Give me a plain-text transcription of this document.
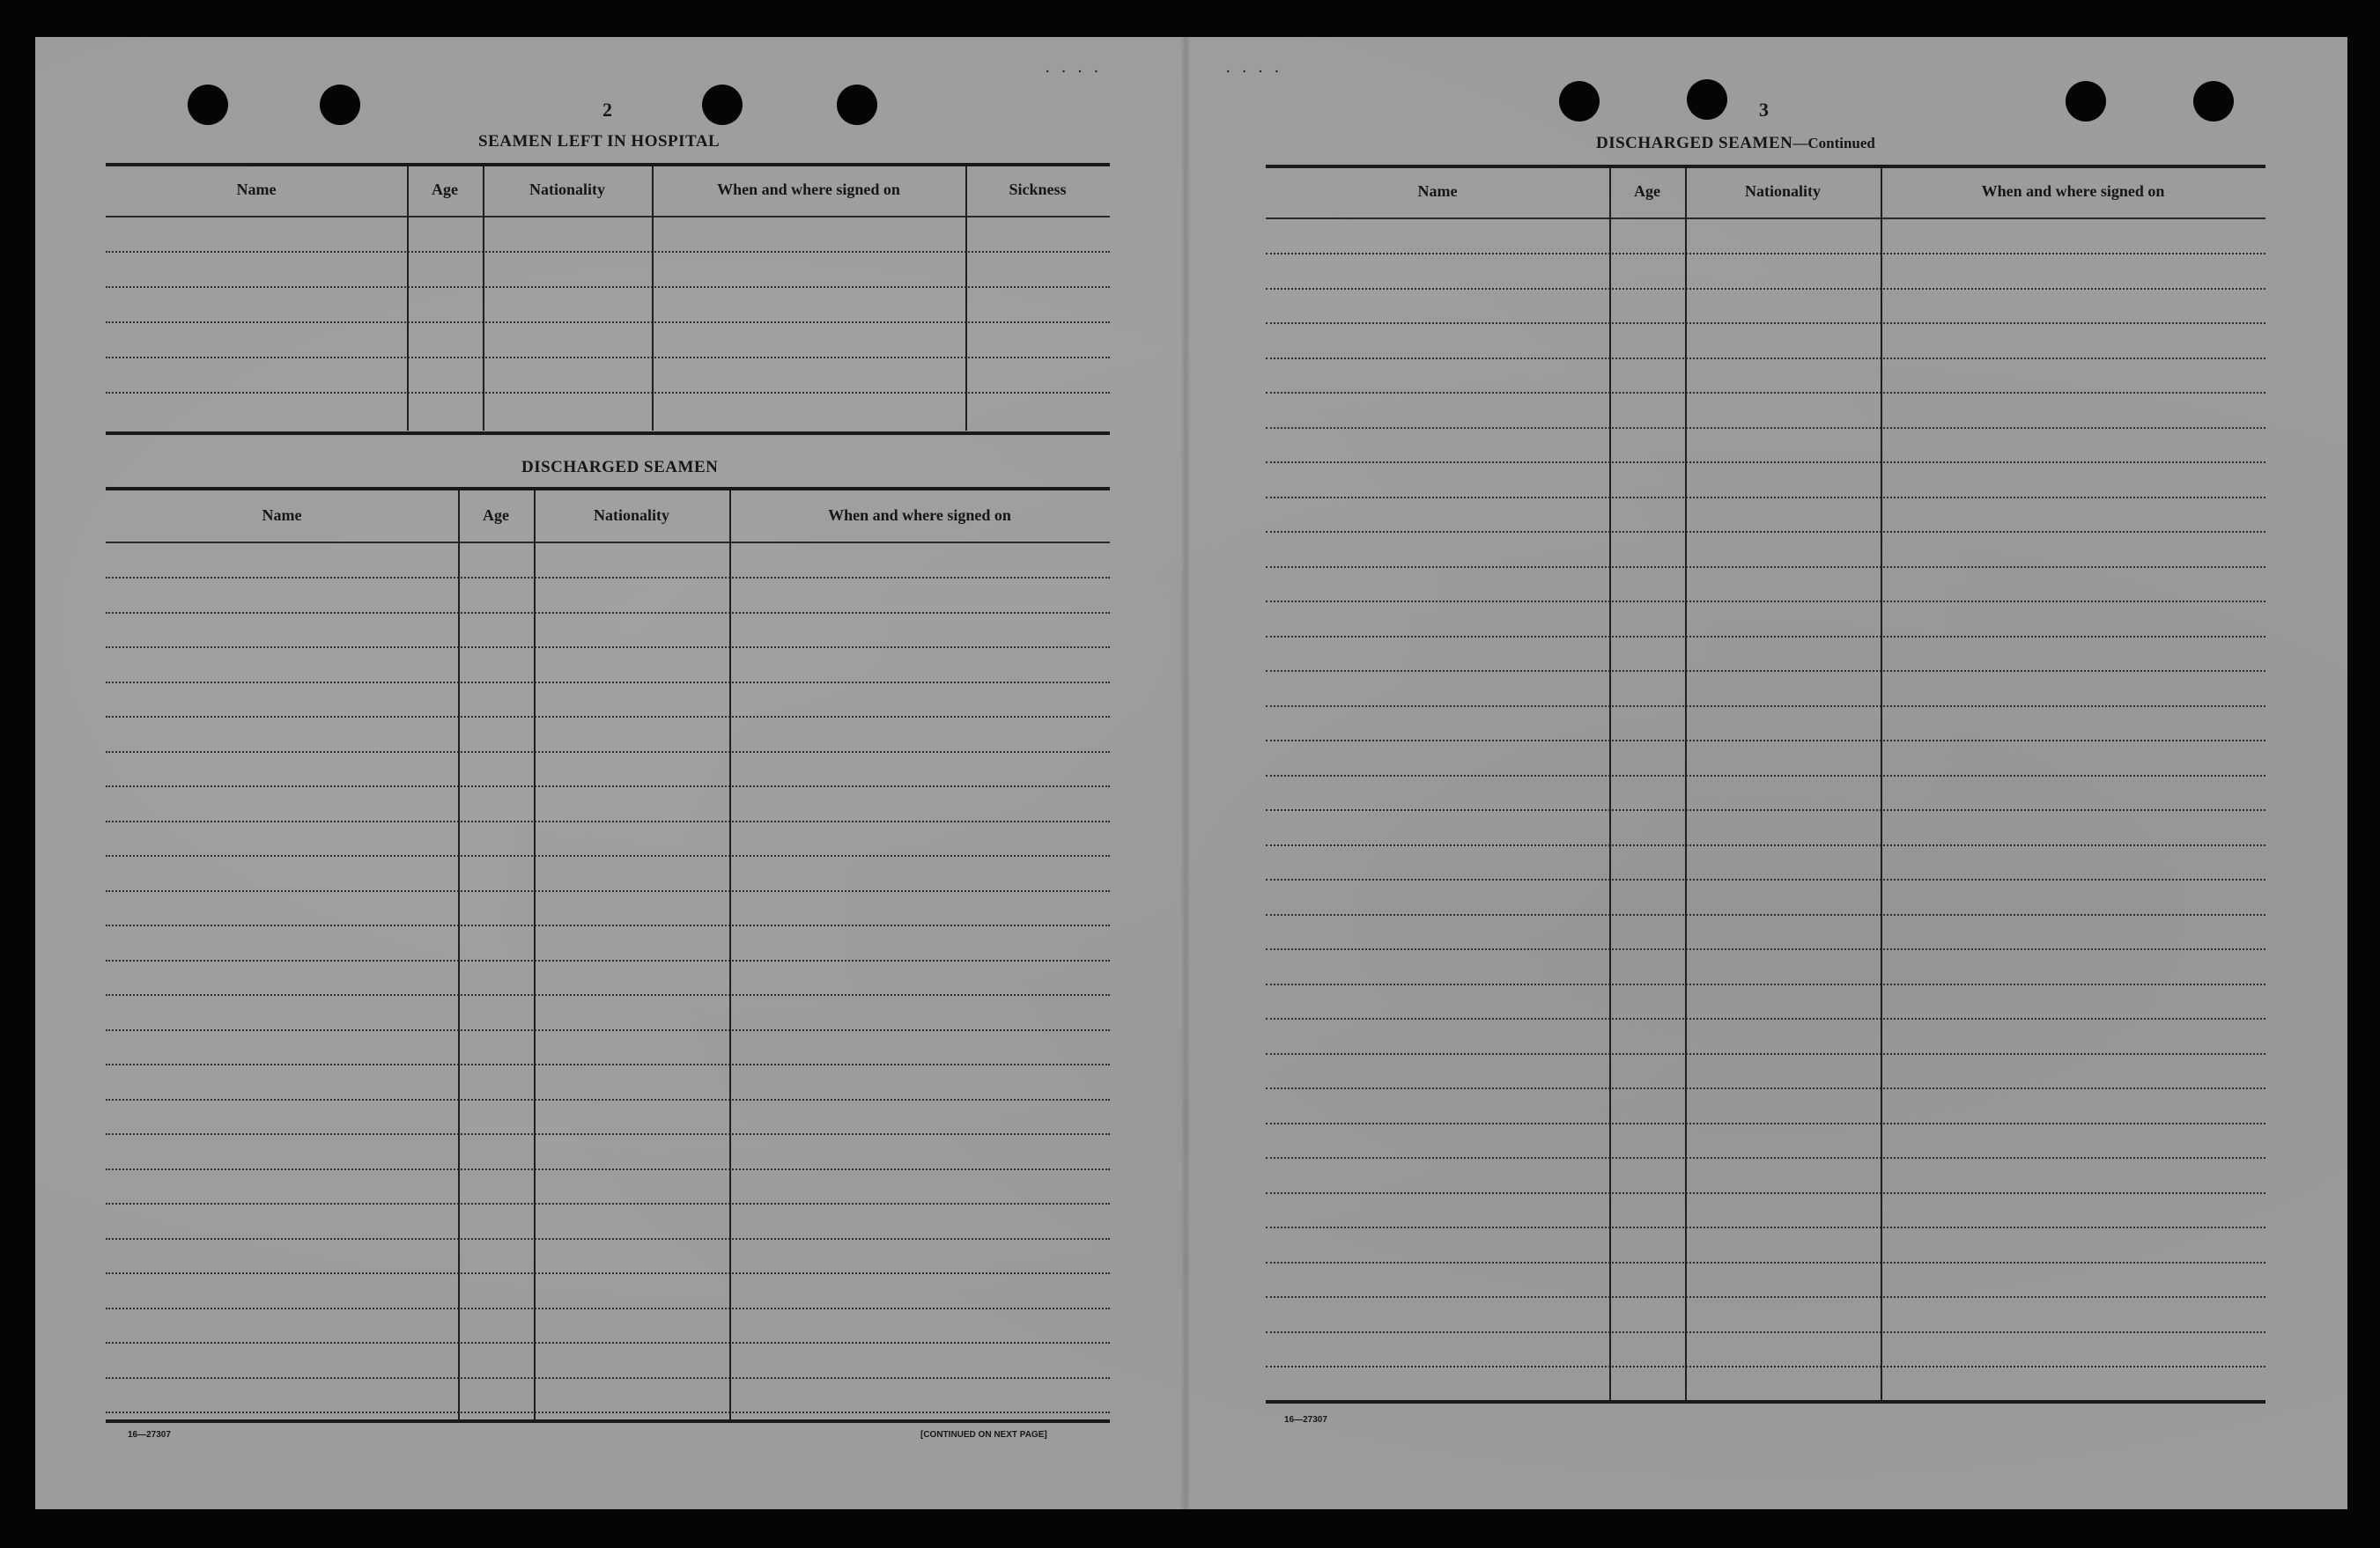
····	····
2
SEAMEN LEFT IN HOSPITAL
Name	Age	Nationality	When and where signed on	Sickness
DISCHARGED SEAMEN
Name	Age	Nationality	When and where signed on
16—27307	[CONTINUED ON NEXT PAGE]
3
DISCHARGED SEAMEN—Continued
Name	Age	Nationality	When and where signed on
16—27307
